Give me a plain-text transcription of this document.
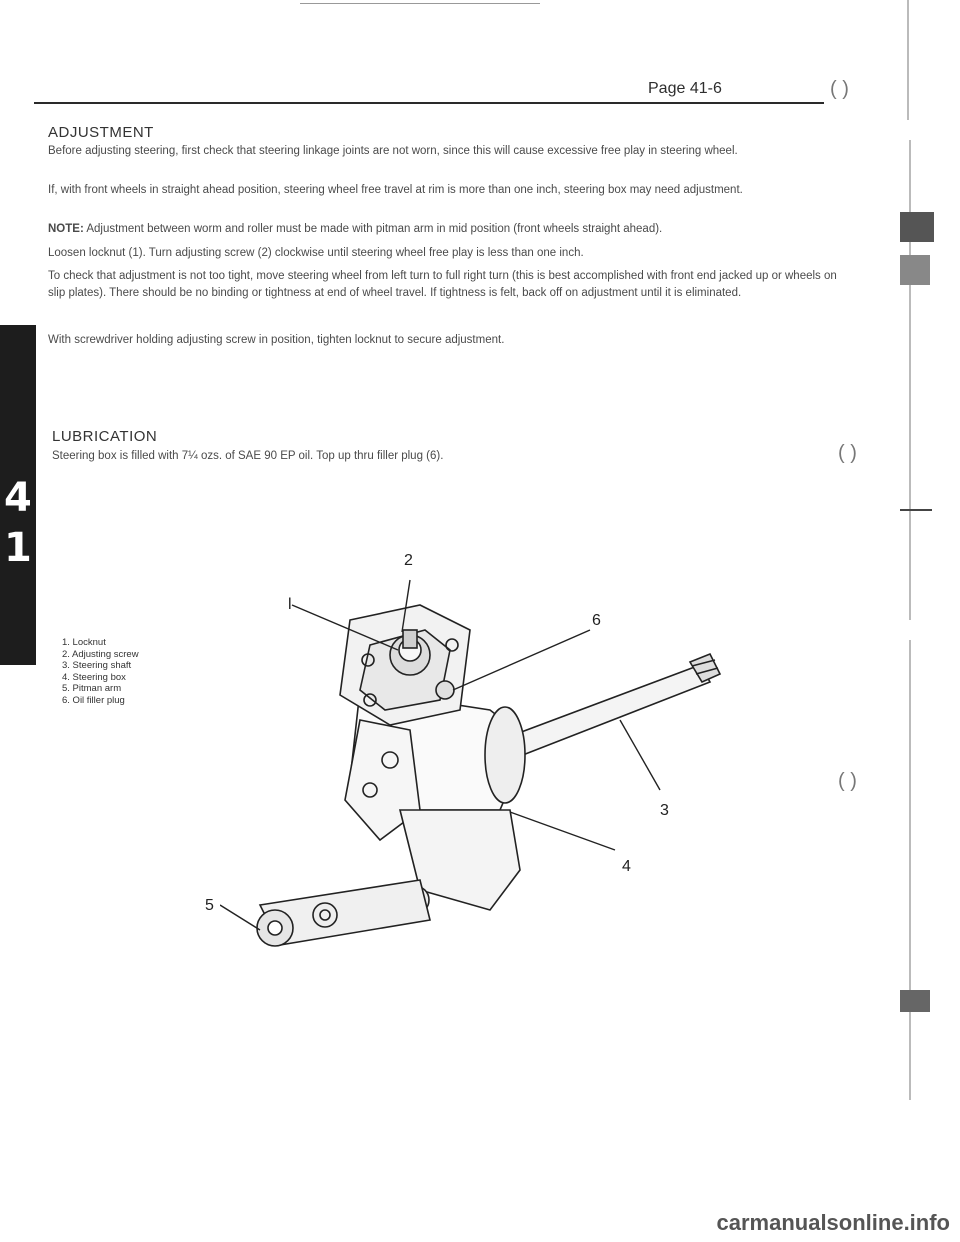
Page 41-6	( )
ADJUSTMENT
Before adjusting steering, first check that steering linkage joints are not worn, since this will cause excessive free play in steering wheel.
If, with front wheels in straight ahead position, steering wheel free travel at rim is more than one inch, steering box may need adjustment.
NOTE: Adjustment between worm and roller must be made with pitman arm in mid position (front wheels straight ahead).
Loosen locknut (1). Turn adjusting screw (2) clockwise until steering wheel free play is less than one inch.
To check that adjustment is not too tight, move steering wheel from left turn to full right turn (this is best accomplished with front end jacked up or wheels on slip plates). There should be no binding or tightness at end of wheel travel. If tightness is felt, back off on adjustment until it is eliminated.
With screwdriver holding adjusting screw in position, tighten locknut to secure adjustment.
4
1
LUBRICATION
Steering box is filled with 7¼ ozs. of SAE 90 EP oil. Top up thru filler plug (6).	( )
( )
1. Locknut
2. Adjusting screw
3. Steering shaft
4. Steering box
5. Pitman arm
6. Oil filler plug
l
2
6
3
4
5
carmanualsonline.info
